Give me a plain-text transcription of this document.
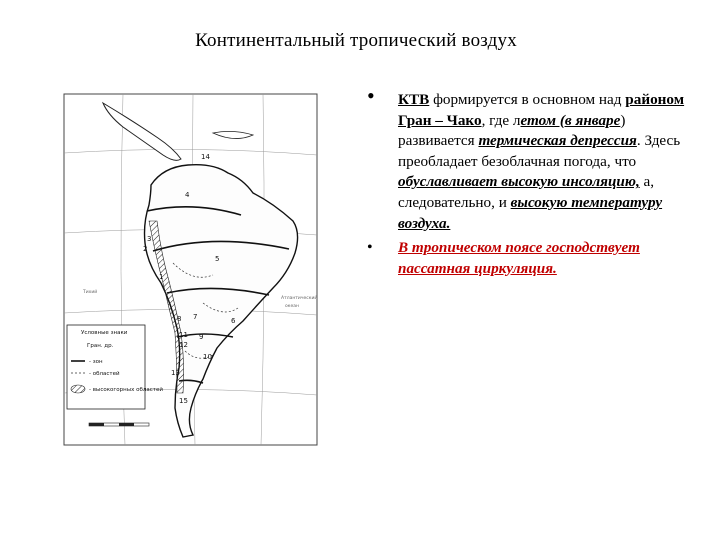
Континентальный тропический воздух
14
4
3
2
5
1
7	6
8
11 9
12
10
13
15
Условные знаки
Гран. др.
- зон
- областей
- высокогорных областей
Тихий
Атлантический
океан
• КТВ формируется в основном над районом Гран – Чако, где летом (в январе) развивается термическая депрессия. Здесь преобладает безоблачная погода, что обуславливает высокую инсоляцию, а, следовательно, и высокую температуру воздуха.
• В тропическом поясе господствует пассатная циркуляция.
